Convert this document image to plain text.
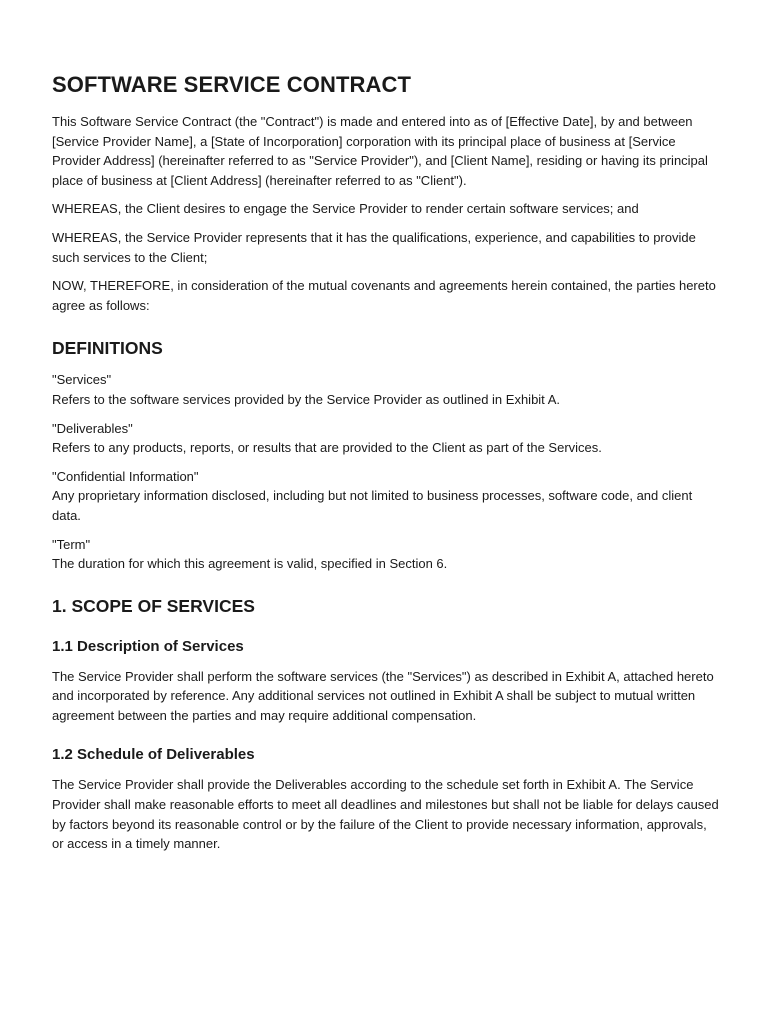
SOFTWARE SERVICE CONTRACT

This Software Service Contract (the "Contract") is made and entered into as of [Effective Date], by and between [Service Provider Name], a [State of Incorporation] corporation with its principal place of business at [Service Provider Address] (hereinafter referred to as "Service Provider"), and [Client Name], residing or having its principal place of business at [Client Address] (hereinafter referred to as "Client").

WHEREAS, the Client desires to engage the Service Provider to render certain software services; and

WHEREAS, the Service Provider represents that it has the qualifications, experience, and capabilities to provide such services to the Client;

NOW, THEREFORE, in consideration of the mutual covenants and agreements herein contained, the parties hereto agree as follows:

DEFINITIONS
"Services"
Refers to the software services provided by the Service Provider as outlined in Exhibit A.
"Deliverables"
Refers to any products, reports, or results that are provided to the Client as part of the Services.
"Confidential Information"
Any proprietary information disclosed, including but not limited to business processes, software code, and client data.
"Term"
The duration for which this agreement is valid, specified in Section 6.
1. SCOPE OF SERVICES
1.1 Description of Services

The Service Provider shall perform the software services (the "Services") as described in Exhibit A, attached hereto and incorporated by reference. Any additional services not outlined in Exhibit A shall be subject to mutual written agreement between the parties and may require additional compensation.

1.2 Schedule of Deliverables

The Service Provider shall provide the Deliverables according to the schedule set forth in Exhibit A. The Service Provider shall make reasonable efforts to meet all deadlines and milestones but shall not be liable for delays caused by factors beyond its reasonable control or by the failure of the Client to provide necessary information, approvals, or access in a timely manner.
